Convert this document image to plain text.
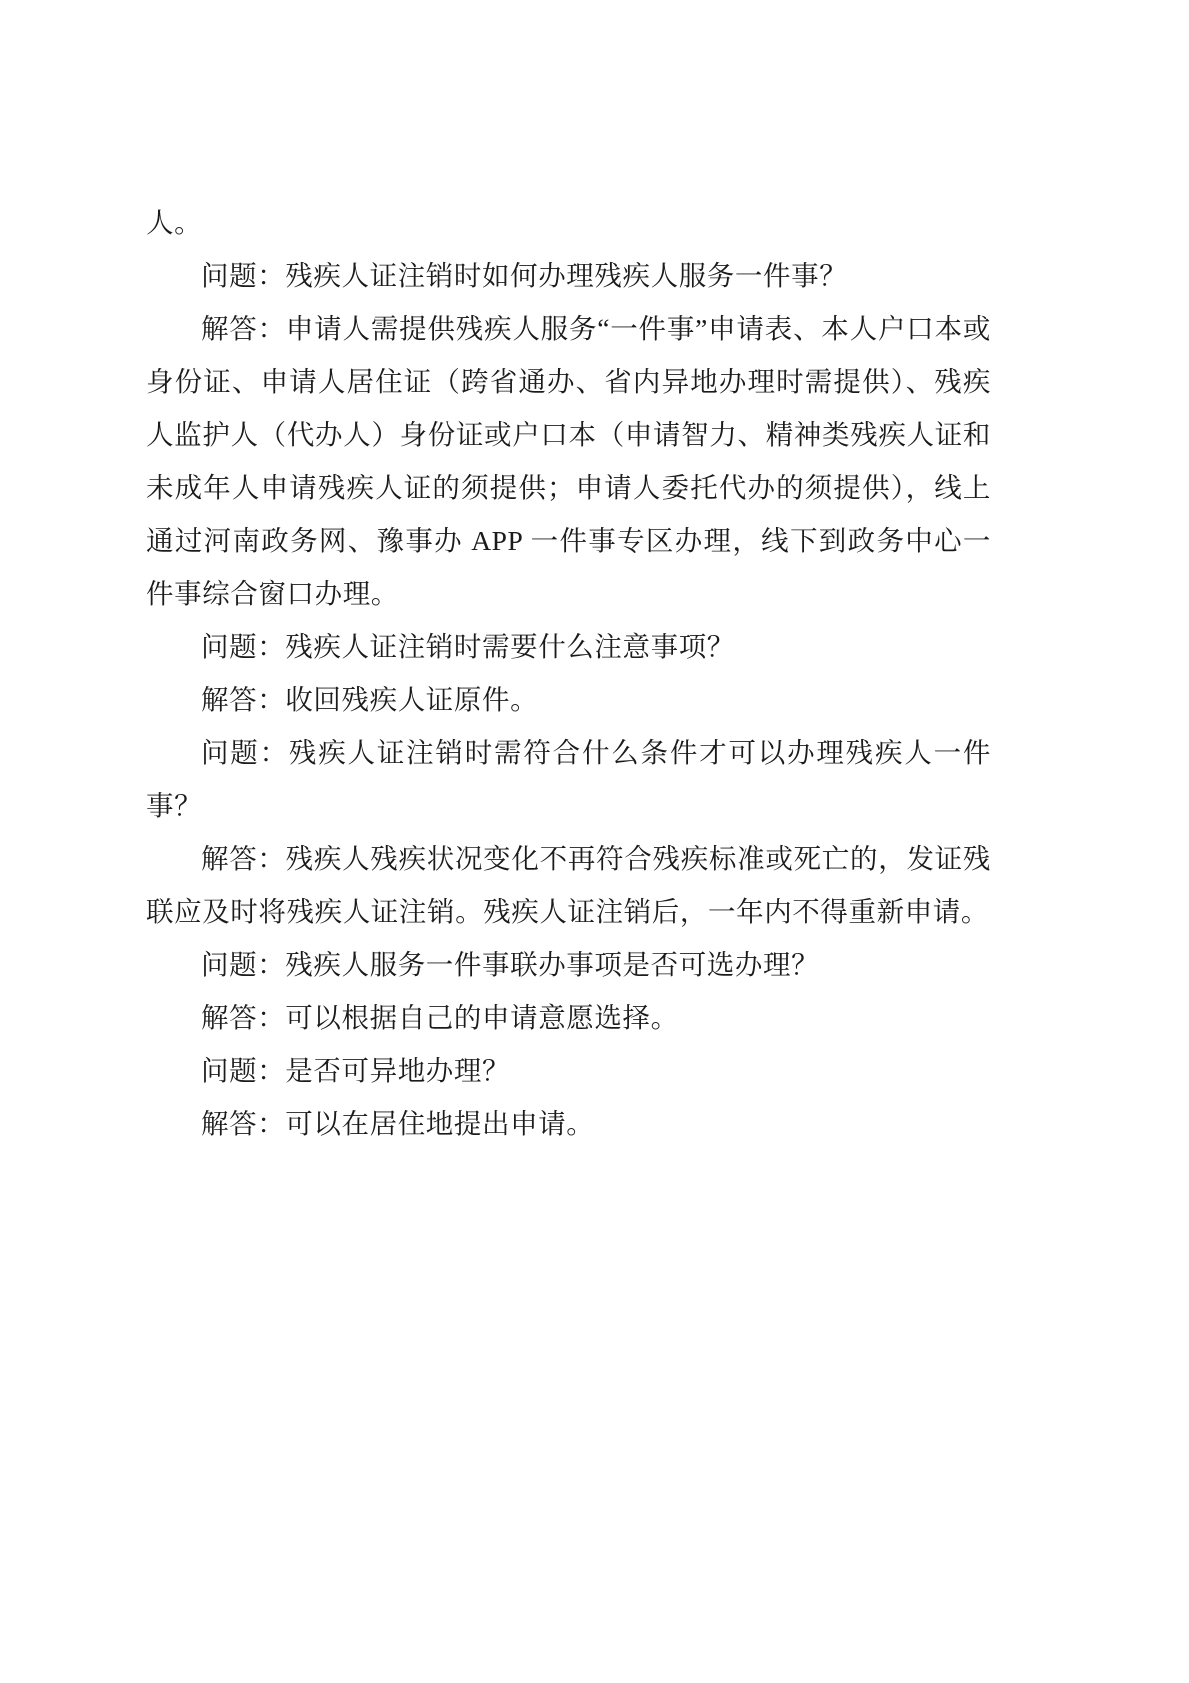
人。

问题：残疾人证注销时如何办理残疾人服务一件事？

解答：申请人需提供残疾人服务“一件事”申请表、本人户口本或身份证、申请人居住证（跨省通办、省内异地办理时需提供）、残疾人监护人（代办人）身份证或户口本（申请智力、精神类残疾人证和未成年人申请残疾人证的须提供；申请人委托代办的须提供），线上通过河南政务网、豫事办 APP 一件事专区办理，线下到政务中心一件事综合窗口办理。

问题：残疾人证注销时需要什么注意事项？

解答：收回残疾人证原件。

问题：残疾人证注销时需符合什么条件才可以办理残疾人一件事？

解答：残疾人残疾状况变化不再符合残疾标准或死亡的，发证残联应及时将残疾人证注销。残疾人证注销后，一年内不得重新申请。

问题：残疾人服务一件事联办事项是否可选办理？

解答：可以根据自己的申请意愿选择。

问题：是否可异地办理？

解答：可以在居住地提出申请。
